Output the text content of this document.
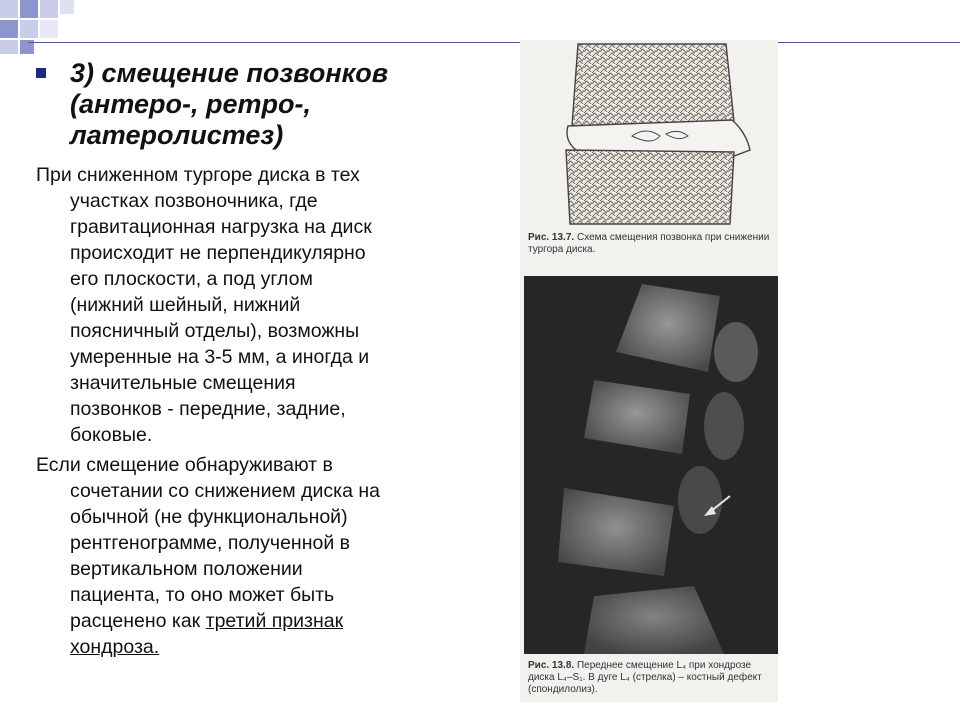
3) смещение позвонков
(антеро-, ретро-,
латеролистез)
При сниженном тургоре диска в тех
участках позвоночника, где
гравитационная нагрузка на диск
происходит не перпендикулярно
его плоскости, а под углом
(нижний шейный, нижний
поясничный отделы), возможны
умеренные на 3-5 мм, а иногда и
значительные смещения
позвонков - передние, задние,
боковые.
Если смещение обнаруживают в
сочетании со снижением диска на
обычной (не функциональной)
рентгенограмме, полученной в
вертикальном положении
пациента, то оно может быть
расценено как третий признак
хондроза.
Рис. 13.7. Схема смещения позвонка при снижении тургора диска.
Рис. 13.8. Переднее смещение L₄ при хондрозе диска L₄–S₁. В дуге L₄ (стрелка) – костный дефект (спондилолиз).
